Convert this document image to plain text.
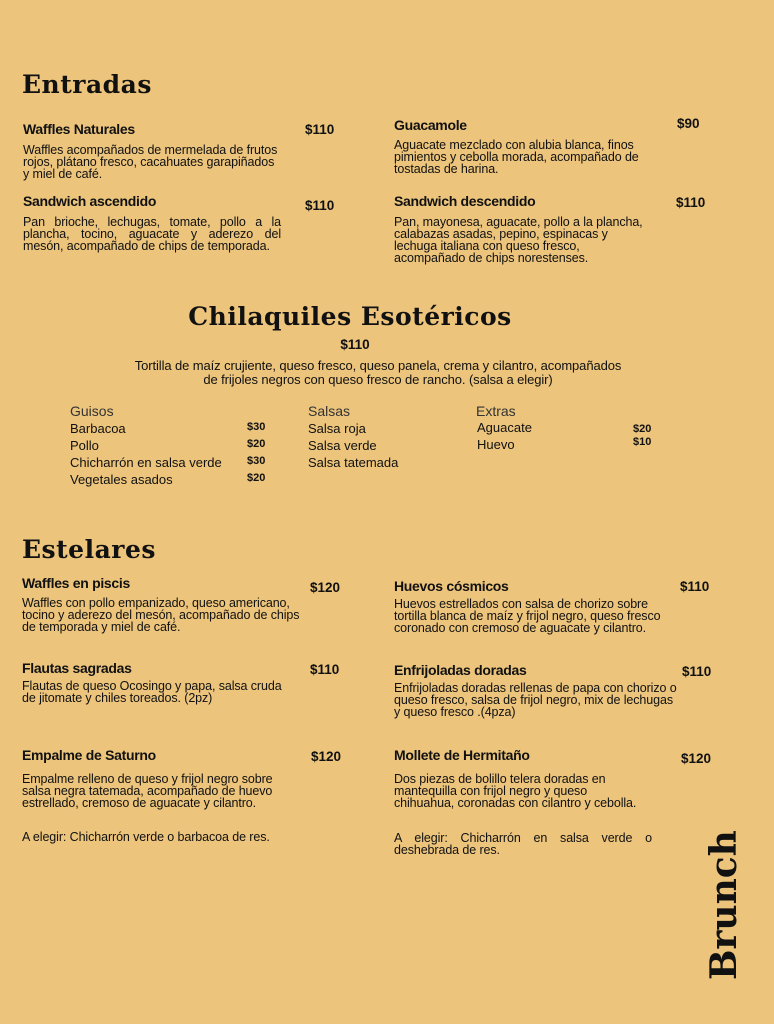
Entradas
Waffles Naturales	$110
Waffles acompañados de mermelada de frutos rojos, plátano fresco, cacahuates garapiñados y miel de café.
Guacamole	$90
Aguacate mezclado con alubia blanca, finos pimientos y cebolla morada, acompañado de tostadas de harina.
Sandwich ascendido	$110
Pan brioche, lechugas, tomate, pollo a la plancha, tocino, aguacate y aderezo del mesón, acompañado de chips de temporada.
Sandwich descendido	$110
Pan, mayonesa, aguacate, pollo a la plancha, calabazas asadas, pepino, espinacas y lechuga italiana con queso fresco, acompañado de chips norestenses.
Chilaquiles Esotéricos
$110
Tortilla de maíz crujiente, queso fresco, queso panela, crema y cilantro, acompañados de frijoles negros con queso fresco de rancho. (salsa a elegir)
Guisos
Barbacoa	$30
Pollo	$20
Chicharrón en salsa verde $30
Vegetales asados	$20
Salsas
Salsa roja
Salsa verde
Salsa tatemada
Extras
Aguacate	$20
Huevo	$10
Estelares
Waffles en piscis	$120
Waffles con pollo empanizado, queso americano, tocino y aderezo del mesón, acompañado de chips de temporada y miel de café.
Huevos cósmicos	$110
Huevos estrellados con salsa de chorizo sobre tortilla blanca de maíz y frijol negro, queso fresco coronado con cremoso de aguacate y cilantro.
Flautas sagradas	$110
Flautas de queso Ocosingo y papa, salsa cruda de jitomate y chiles toreados. (2pz)
Enfrijoladas doradas	$110
Enfrijoladas doradas rellenas de papa con chorizo o queso fresco, salsa de frijol negro, mix de lechugas y queso fresco .(4pza)
Empalme de Saturno	$120
Empalme relleno de queso y frijol negro sobre salsa negra tatemada, acompañado de huevo estrellado, cremoso de aguacate y cilantro.
A elegir: Chicharrón verde o barbacoa de res.
Mollete de Hermitaño	$120
Dos piezas de bolillo telera doradas en mantequilla con frijol negro y queso chihuahua, coronadas con cilantro y cebolla.
A elegir: Chicharrón en salsa verde o deshebrada de res.	Brunch
